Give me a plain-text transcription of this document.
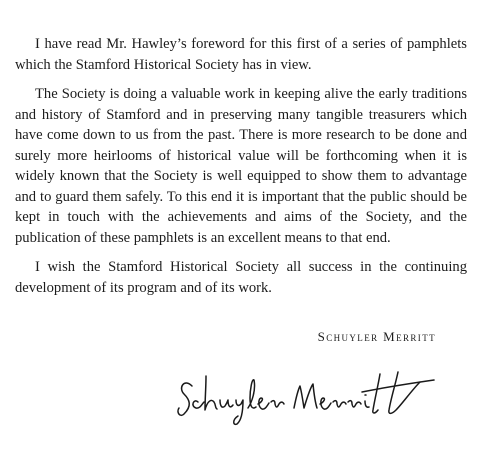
I have read Mr. Hawley’s foreword for this first of a series of pamphlets which the Stamford Historical Society has in view.

The Society is doing a valuable work in keeping alive the early traditions and history of Stamford and in preserving many tangible treasurers which have come down to us from the past. There is more research to be done and surely more heirlooms of historical value will be forthcoming when it is widely known that the Society is well equipped to show them to advantage and to guard them safely. To this end it is important that the public should be kept in touch with the achievements and aims of the Society, and the publication of these pamphlets is an excellent means to that end.

I wish the Stamford Historical Society all success in the continuing development of its program and of its work.

Schuyler Merritt
